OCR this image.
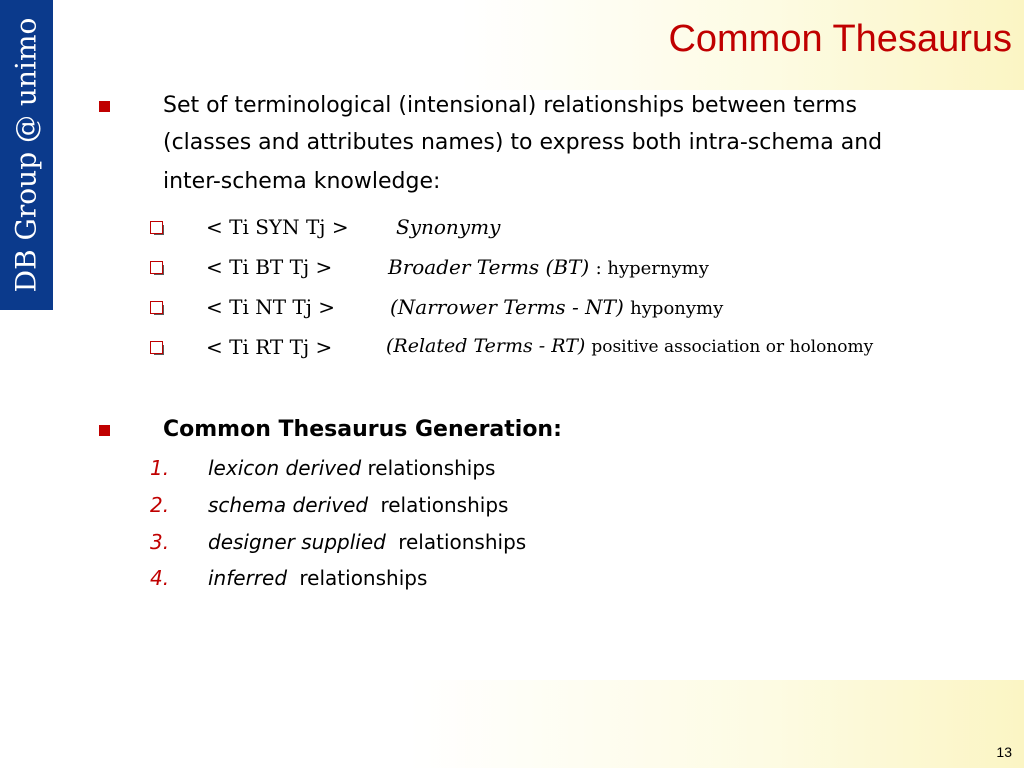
DB Group @ unimo	Common Thesaurus
Set of terminological (intensional) relationships between terms
(classes and attributes names) to express both intra-schema and
inter-schema knowledge:
< Ti SYN Tj > Synonymy
< Ti BT Tj >	Broader Terms (BT) : hypernymy
< Ti NT Tj >	(Narrower Terms - NT) hyponymy
< Ti RT Tj >	(Related Terms - RT) positive association or holonomy
Common Thesaurus Generation:
1. lexicon derived relationships
2. schema derived relationships
3. designer supplied relationships
4. inferred relationships
13
